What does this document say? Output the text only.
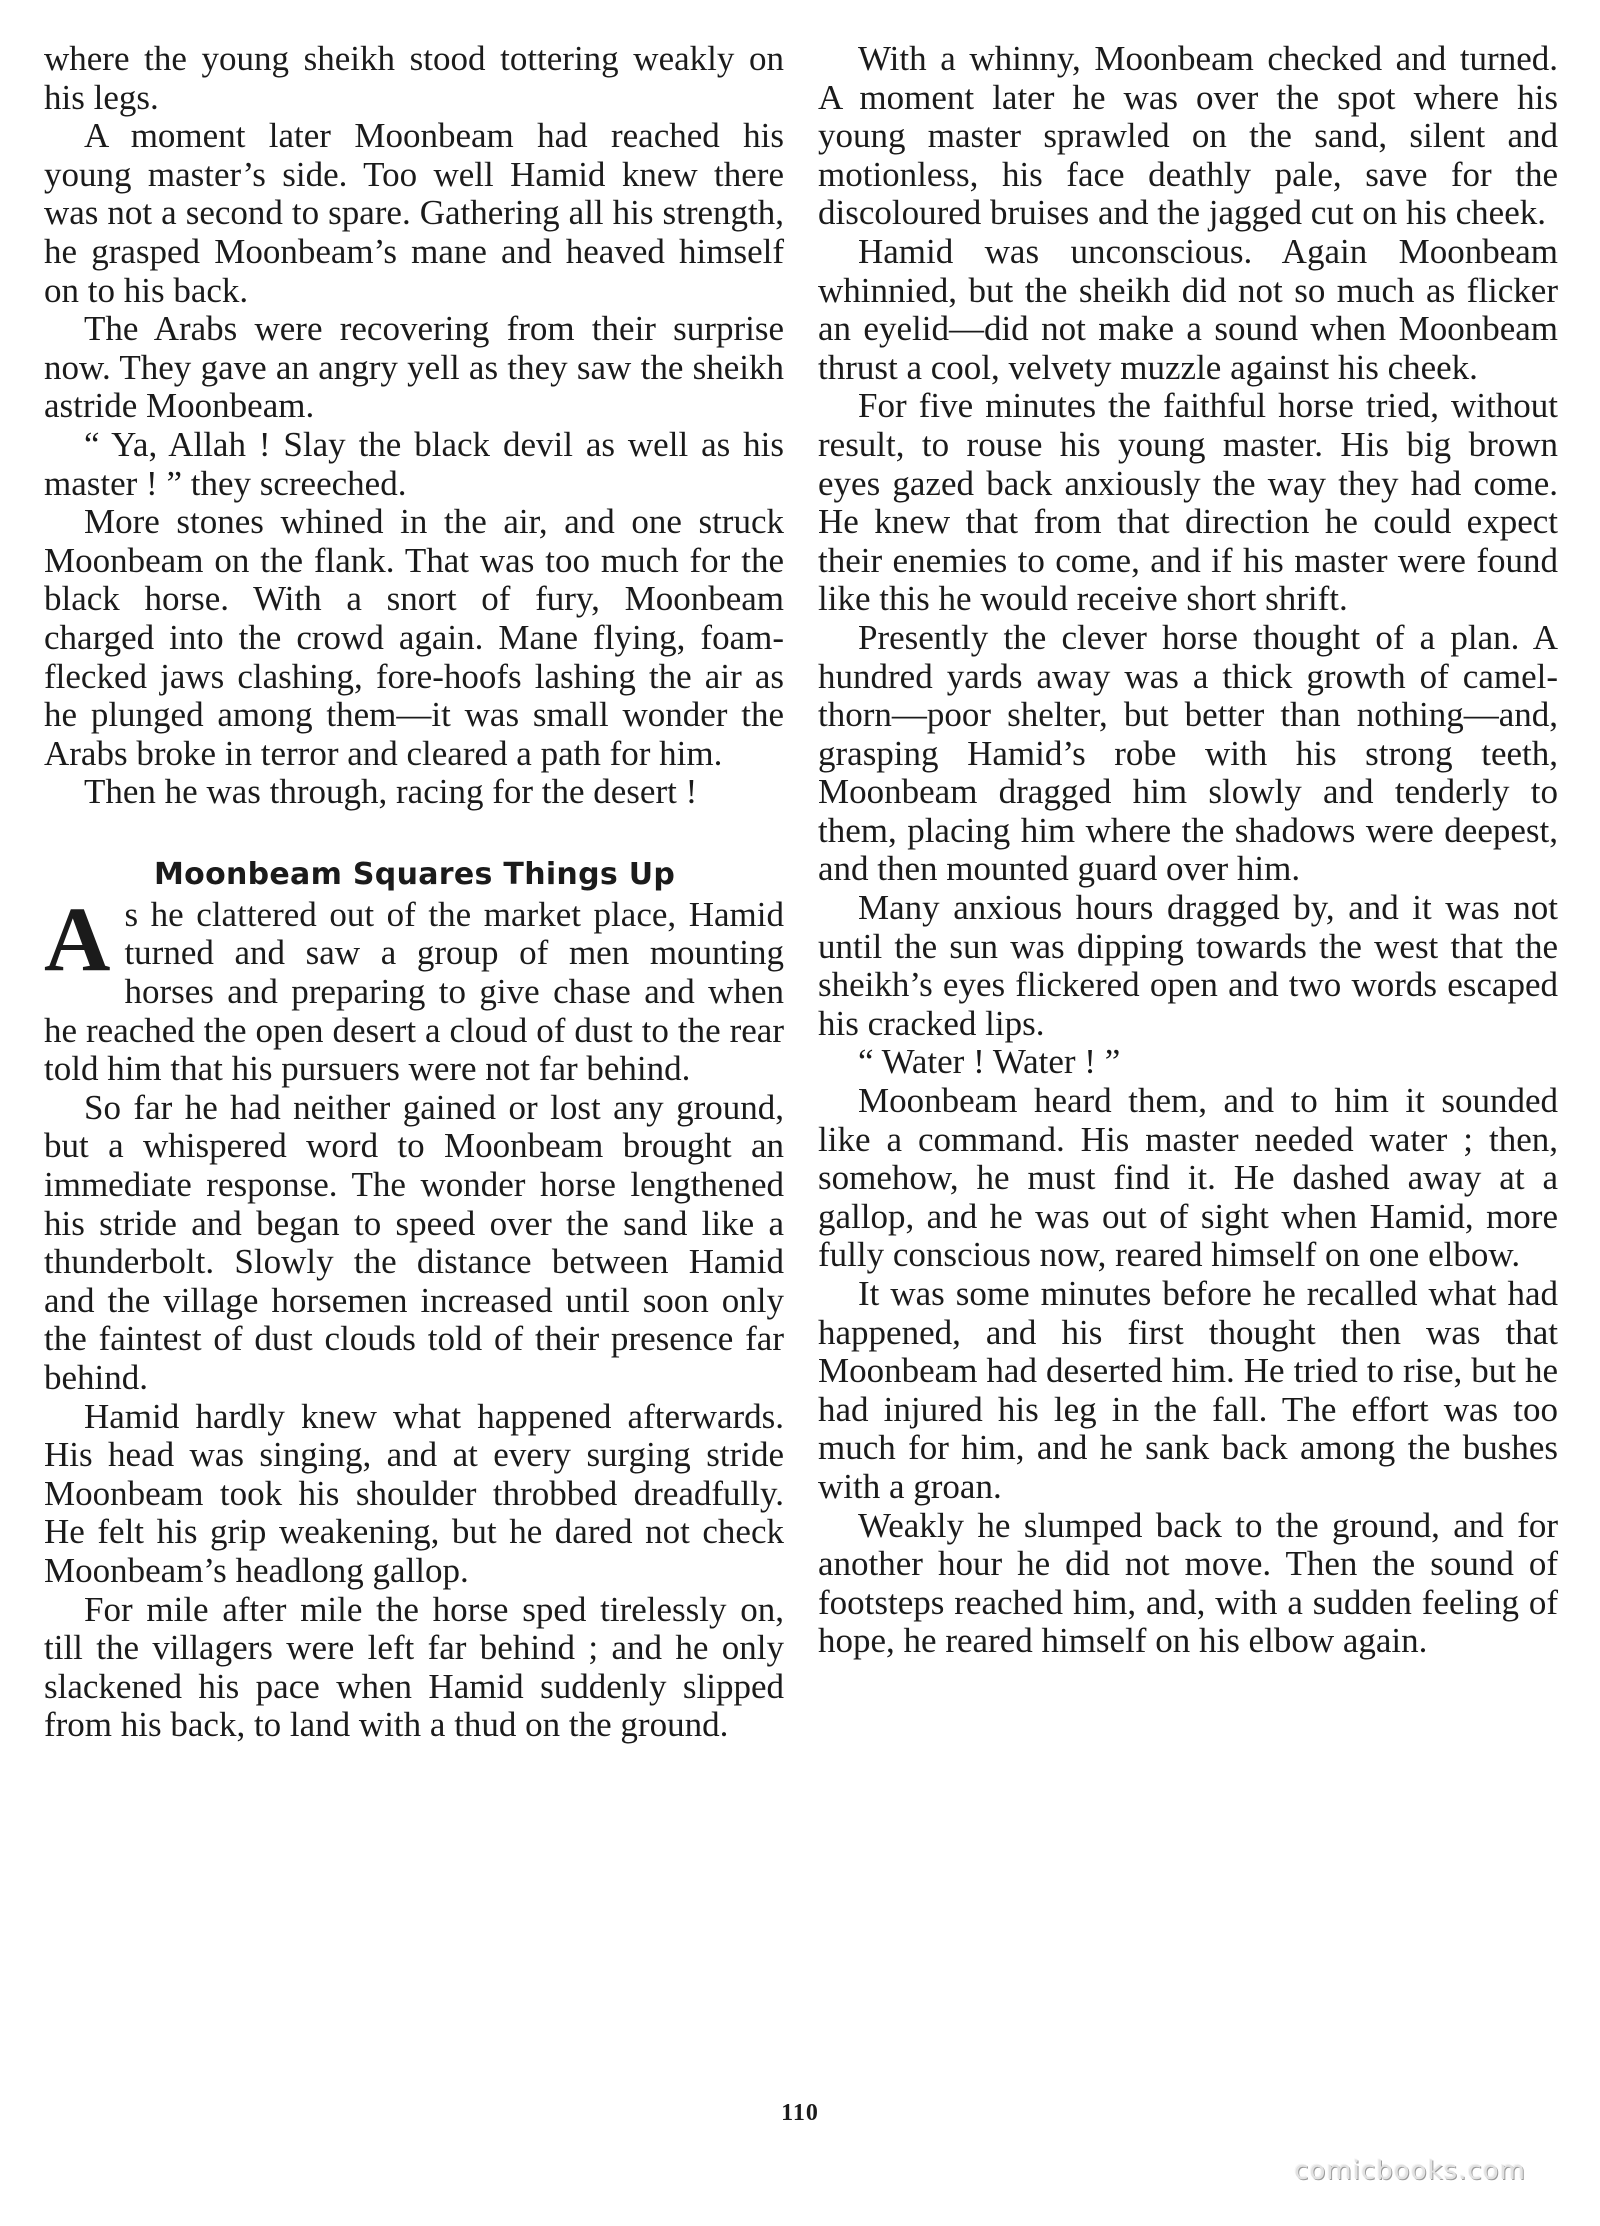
where the young sheikh stood tottering weakly on his legs.

A moment later Moonbeam had reached his young master’s side. Too well Hamid knew there was not a second to spare. Gathering all his strength, he grasped Moonbeam’s mane and heaved himself on to his back.

The Arabs were recovering from their surprise now. They gave an angry yell as they saw the sheikh astride Moonbeam.

“ Ya, Allah ! Slay the black devil as well as his master ! ” they screeched.

More stones whined in the air, and one struck Moonbeam on the flank. That was too much for the black horse. With a snort of fury, Moonbeam charged into the crowd again. Mane flying, foam-flecked jaws clashing, fore-hoofs lashing the air as he plunged among them—it was small wonder the Arabs broke in terror and cleared a path for him.

Then he was through, racing for the desert !

Moonbeam Squares Things Up

As he clattered out of the market place, Hamid turned and saw a group of men mounting horses and preparing to give chase and when he reached the open desert a cloud of dust to the rear told him that his pursuers were not far behind.

So far he had neither gained or lost any ground, but a whispered word to Moonbeam brought an immediate response. The wonder horse lengthened his stride and began to speed over the sand like a thunderbolt. Slowly the distance between Hamid and the village horsemen increased until soon only the faintest of dust clouds told of their presence far behind.

Hamid hardly knew what happened afterwards. His head was singing, and at every surging stride Moonbeam took his shoulder throbbed dreadfully. He felt his grip weakening, but he dared not check Moonbeam’s headlong gallop.

For mile after mile the horse sped tirelessly on, till the villagers were left far behind ; and he only slackened his pace when Hamid suddenly slipped from his back, to land with a thud on the ground.

With a whinny, Moonbeam checked and turned. A moment later he was over the spot where his young master sprawled on the sand, silent and motionless, his face deathly pale, save for the discoloured bruises and the jagged cut on his cheek.

Hamid was unconscious. Again Moonbeam whinnied, but the sheikh did not so much as flicker an eyelid—did not make a sound when Moonbeam thrust a cool, velvety muzzle against his cheek.

For five minutes the faithful horse tried, without result, to rouse his young master. His big brown eyes gazed back anxiously the way they had come. He knew that from that direction he could expect their enemies to come, and if his master were found like this he would receive short shrift.

Presently the clever horse thought of a plan. A hundred yards away was a thick growth of camel-thorn—poor shelter, but better than nothing—and, grasping Hamid’s robe with his strong teeth, Moonbeam dragged him slowly and tenderly to them, placing him where the shadows were deepest, and then mounted guard over him.

Many anxious hours dragged by, and it was not until the sun was dipping towards the west that the sheikh’s eyes flickered open and two words escaped his cracked lips.

“ Water ! Water ! ”

Moonbeam heard them, and to him it sounded like a command. His master needed water ; then, somehow, he must find it. He dashed away at a gallop, and he was out of sight when Hamid, more fully conscious now, reared himself on one elbow.

It was some minutes before he recalled what had happened, and his first thought then was that Moonbeam had deserted him. He tried to rise, but he had injured his leg in the fall. The effort was too much for him, and he sank back among the bushes with a groan.

Weakly he slumped back to the ground, and for another hour he did not move. Then the sound of footsteps reached him, and, with a sudden feeling of hope, he reared himself on his elbow again.

110
comicbooks.com
